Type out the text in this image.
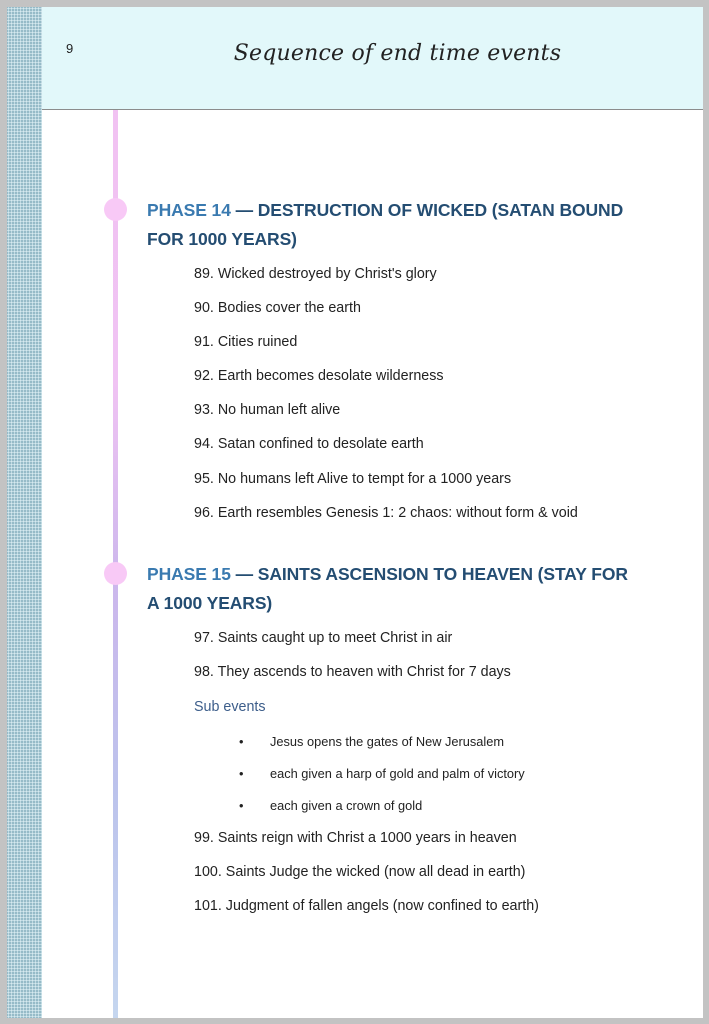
9	Sequence of end time events
PHASE 14 — DESTRUCTION OF WICKED (SATAN BOUND
FOR 1000 YEARS)
89. Wicked destroyed by Christ's glory
90. Bodies cover the earth
91. Cities ruined
92. Earth becomes desolate wilderness
93. No human left alive
94. Satan confined to desolate earth
95. No humans left Alive to tempt for a 1000 years
96. Earth resembles Genesis 1: 2 chaos: without form & void
PHASE 15 — SAINTS ASCENSION TO HEAVEN (STAY FOR
A 1000 YEARS)
97. Saints caught up to meet Christ in air
98. They ascends to heaven with Christ for 7 days
Sub events
• Jesus opens the gates of New Jerusalem
• each given a harp of gold and palm of victory
• each given a crown of gold
99. Saints reign with Christ a 1000 years in heaven
100. Saints Judge the wicked (now all dead in earth)
101. Judgment of fallen angels (now confined to earth)
